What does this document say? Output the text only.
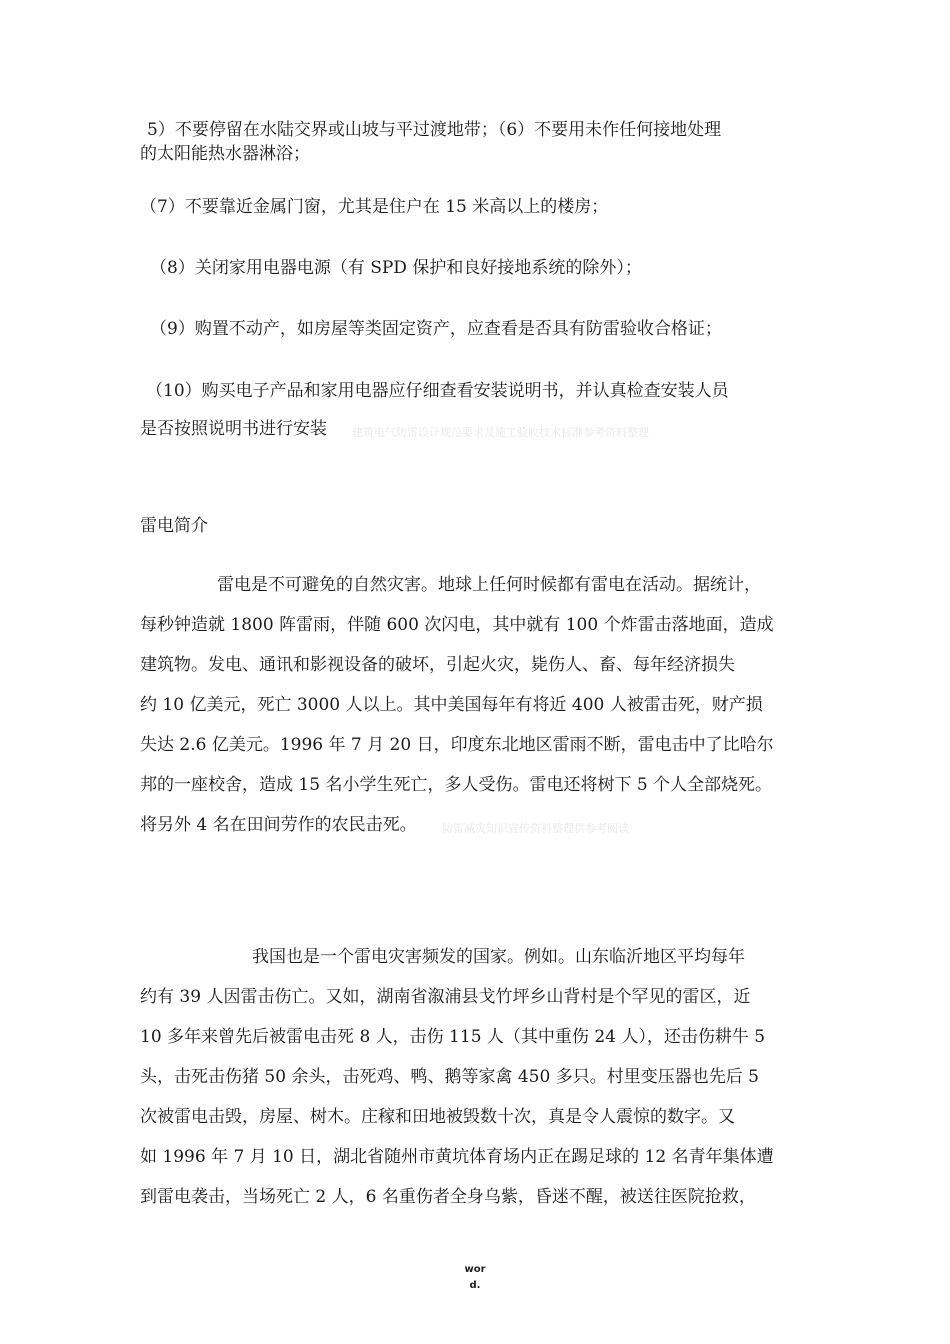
5）不要停留在水陆交界或山坡与平过渡地带；（6）不要用未作任何接地处理
的太阳能热水器淋浴；
（7）不要靠近金属门窗，尤其是住户在 15 米高以上的楼房；
（8）关闭家用电器电源（有 SPD 保护和良好接地系统的除外）；
（9）购置不动产，如房屋等类固定资产，应查看是否具有防雷验收合格证；
（10）购买电子产品和家用电器应仔细查看安装说明书，并认真检查安装人员
是否按照说明书进行安装 建筑电气防雷设计规范要求及施工验收技术标准参考资料整理
雷电简介
雷电是不可避免的自然灾害。地球上任何时候都有雷电在活动。据统计，
每秒钟造就 1800 阵雷雨，伴随 600 次闪电，其中就有 100 个炸雷击落地面，造成
建筑物。发电、通讯和影视设备的破坏，引起火灾，毙伤人、畜、每年经济损失
约 10 亿美元，死亡 3000 人以上。其中美国每年有将近 400 人被雷击死，财产损
失达 2.6 亿美元。1996 年 7 月 20 日，印度东北地区雷雨不断，雷电击中了比哈尔
邦的一座校舍，造成 15 名小学生死亡，多人受伤。雷电还将树下 5 个人全部烧死。
将另外 4 名在田间劳作的农民击死。 防雷减灾知识宣传资料整理供参考阅读
我国也是一个雷电灾害频发的国家。例如。山东临沂地区平均每年
约有 39 人因雷击伤亡。又如，湖南省溆浦县戈竹坪乡山背村是个罕见的雷区，近
10 多年来曾先后被雷电击死 8 人，击伤 115 人（其中重伤 24 人），还击伤耕牛 5
头，击死击伤猪 50 余头，击死鸡、鸭、鹅等家禽 450 多只。村里变压器也先后 5
次被雷电击毁，房屋、树木。庄稼和田地被毁数十次，真是令人震惊的数字。又
如 1996 年 7 月 10 日，湖北省随州市黄坑体育场内正在踢足球的 12 名青年集体遭
到雷电袭击，当场死亡 2 人，6 名重伤者全身乌紫，昏迷不醒，被送往医院抢救，
wor
d.
